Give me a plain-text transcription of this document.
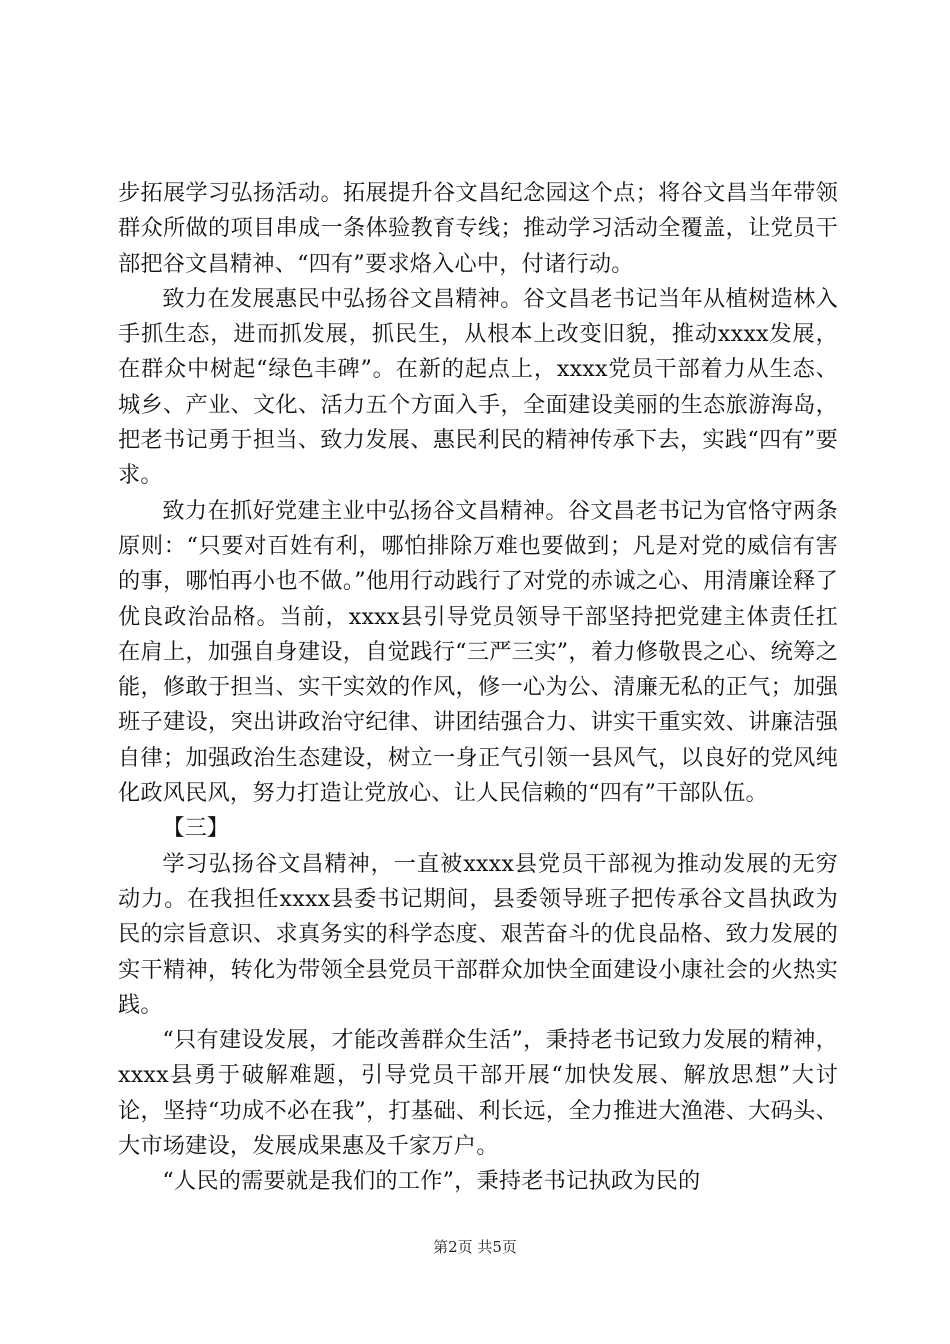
步拓展学习弘扬活动。拓展提升谷文昌纪念园这个点；将谷文昌当年带领群众所做的项目串成一条体验教育专线；推动学习活动全覆盖，让党员干部把谷文昌精神、“四有”要求烙入心中，付诸行动。

致力在发展惠民中弘扬谷文昌精神。谷文昌老书记当年从植树造林入手抓生态，进而抓发展，抓民生，从根本上改变旧貌，推动xxxx发展，在群众中树起“绿色丰碑”。在新的起点上，xxxx党员干部着力从生态、城乡、产业、文化、活力五个方面入手，全面建设美丽的生态旅游海岛，把老书记勇于担当、致力发展、惠民利民的精神传承下去，实践“四有”要求。

致力在抓好党建主业中弘扬谷文昌精神。谷文昌老书记为官恪守两条原则：“只要对百姓有利，哪怕排除万难也要做到；凡是对党的威信有害的事，哪怕再小也不做。”他用行动践行了对党的赤诚之心、用清廉诠释了优良政治品格。当前，xxxx县引导党员领导干部坚持把党建主体责任扛在肩上，加强自身建设，自觉践行“三严三实”，着力修敬畏之心、统筹之能，修敢于担当、实干实效的作风，修一心为公、清廉无私的正气；加强班子建设，突出讲政治守纪律、讲团结强合力、讲实干重实效、讲廉洁强自律；加强政治生态建设，树立一身正气引领一县风气，以良好的党风纯化政风民风，努力打造让党放心、让人民信赖的“四有”干部队伍。

【三】

学习弘扬谷文昌精神，一直被xxxx县党员干部视为推动发展的无穷动力。在我担任xxxx县委书记期间，县委领导班子把传承谷文昌执政为民的宗旨意识、求真务实的科学态度、艰苦奋斗的优良品格、致力发展的实干精神，转化为带领全县党员干部群众加快全面建设小康社会的火热实践。

“只有建设发展，才能改善群众生活”，秉持老书记致力发展的精神，xxxx县勇于破解难题，引导党员干部开展“加快发展、解放思想”大讨论，坚持“功成不必在我”，打基础、利长远，全力推进大渔港、大码头、大市场建设，发展成果惠及千家万户。

“人民的需要就是我们的工作”，秉持老书记执政为民的

第2页 共5页
